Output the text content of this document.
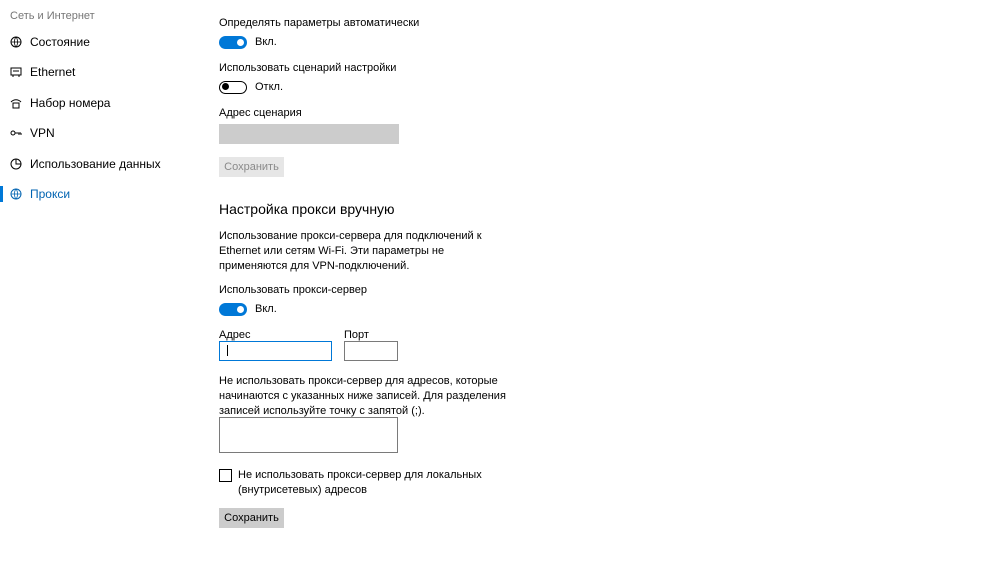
Сеть и Интернет
Состояние
Ethernet
Набор номера
VPN
Использование данных
Прокси
Определять параметры автоматически
Вкл.
Использовать сценарий настройки
Откл.
Адрес сценария
Сохранить
Настройка прокси вручную
Использование прокси-сервера для подключений к Ethernet или сетям Wi-Fi. Эти параметры не применяются для VPN-подключений.
Использовать прокси-сервер
Вкл.
Адрес	Порт
Не использовать прокси-сервер для адресов, которые начинаются с указанных ниже записей. Для разделения записей используйте точку с запятой (;).
Не использовать прокси-сервер для локальных (внутрисетевых) адресов
Сохранить
